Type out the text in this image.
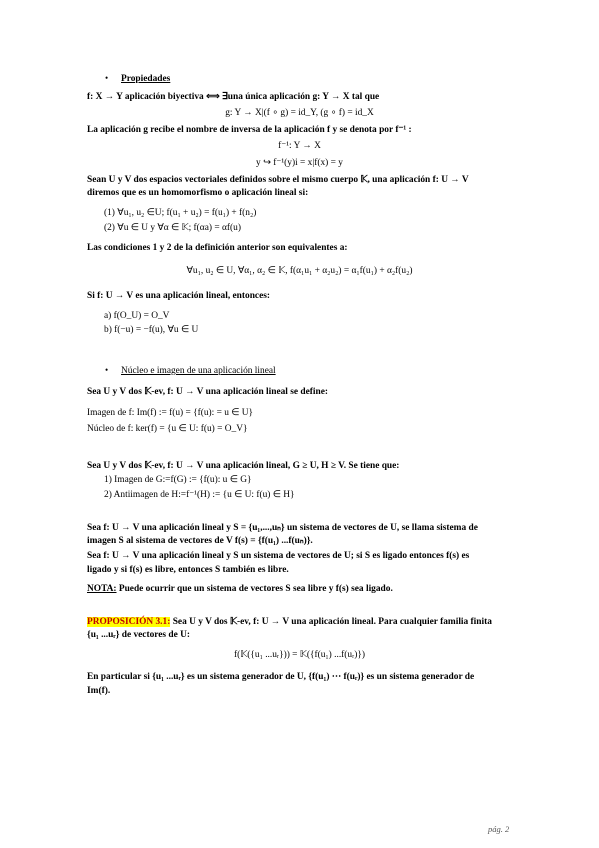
• Propiedades
f: X → Y aplicación biyectiva ⟺ ∃una única aplicación g: Y → X tal que
g: Y → X|(f ∘ g) = id_Y, (g ∘ f) = id_X
La aplicación g recibe el nombre de inversa de la aplicación f y se denota por f⁻¹ :
f⁻¹: Y → X
y ↪ f⁻¹(y)i = x|f(x) = y
Sean U y V dos espacios vectoriales definidos sobre el mismo cuerpo 𝕂, una aplicación f: U → V
diremos que es un homomorfismo o aplicación lineal si:
(1) ∀u₁, u₂ ∈U; f(u₁ + u₂) = f(u₁) + f(n₂)
(2) ∀u ∈ U y ∀α ∈ 𝕂; f(αa) = αf(u)
Las condiciones 1 y 2 de la definición anterior son equivalentes a:
∀u₁, u₂ ∈ U, ∀α₁, α₂ ∈ 𝕂, f(α₁u₁ + α₂u₂) = α₁f(u₁) + α₂f(u₂)
Si f: U → V es una aplicación lineal, entonces:
a) f(O_U) = O_V
b) f(−u) = −f(u), ∀u ∈ U
• Núcleo e imagen de una aplicación lineal
Sea U y V dos 𝕂-ev, f: U → V una aplicación lineal se define:
Imagen de f: Im(f) := f(u) = {f(u): = u ∈ U}
Núcleo de f: ker(f) = {u ∈ U: f(u) = O_V}
Sea U y V dos 𝕂-ev, f: U → V una aplicación lineal, G ≥ U, H ≥ V. Se tiene que:
1) Imagen de G:=f(G) := {f(u): u ∈ G}
2) Antiimagen de H:=f⁻¹(H) := {u ∈ U: f(u) ∈ H}
Sea f: U → V una aplicación lineal y S = {u₁,...,uₙ} un sistema de vectores de U, se llama sistema de
imagen S al sistema de vectores de V f(s) = {f(u₁) ...f(uₙ)}.
Sea f: U → V una aplicación lineal y S un sistema de vectores de U; si S es ligado entonces f(s) es
ligado y si f(s) es libre, entonces S también es libre.
NOTA: Puede ocurrir que un sistema de vectores S sea libre y f(s) sea ligado.
PROPOSICIÓN 3.1: Sea U y V dos 𝕂-ev, f: U → V una aplicación lineal. Para cualquier familia finita
{u₁ ...uᵣ} de vectores de U:
f(𝕂({u₁ ...uᵣ})) = 𝕂({f(u₁) ...f(uᵣ)})
En particular si {u₁ ...uᵣ} es un sistema generador de U, {f(u₁) ⋯ f(uᵣ)} es un sistema generador de
Im(f).
pág. 2
